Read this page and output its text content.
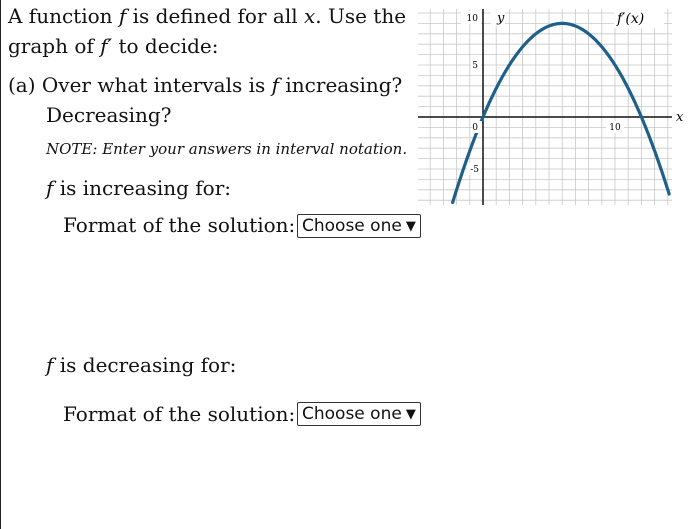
A function f is defined for all x. Use the
graph of f′ to decide:
(a) Over what intervals is f increasing?
Decreasing?
NOTE: Enter your answers in interval notation.
f is increasing for:
Format of the solution: Choose one ▼
f is decreasing for:
Format of the solution: Choose one ▼
10
5
-5
0	10
y	f′(x)
x
